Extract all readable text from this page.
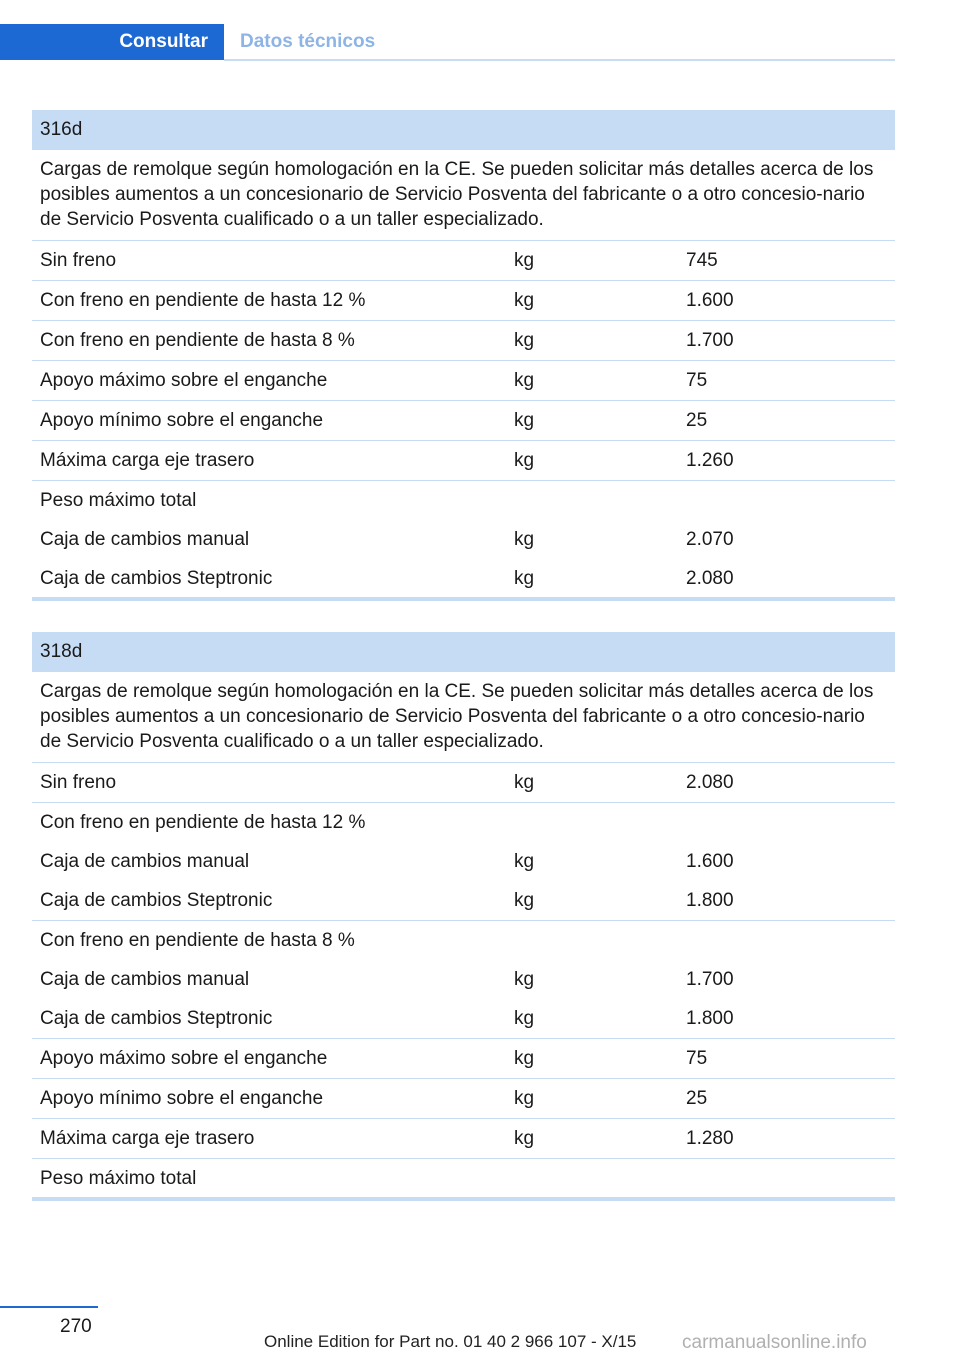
Consultar	Datos técnicos
316d
Cargas de remolque según homologación en la CE. Se pueden solicitar más detalles acerca de los posibles aumentos a un concesionario de Servicio Posventa del fabricante o a otro concesio-nario de Servicio Posventa cualificado o a un taller especializado.
Sin freno	kg	745
Con freno en pendiente de hasta 12 %	kg	1.600
Con freno en pendiente de hasta 8 %	kg	1.700
Apoyo máximo sobre el enganche	kg	75
Apoyo mínimo sobre el enganche	kg	25
Máxima carga eje trasero	kg	1.260
Peso máximo total
Caja de cambios manual	kg	2.070
Caja de cambios Steptronic	kg	2.080
318d
Cargas de remolque según homologación en la CE. Se pueden solicitar más detalles acerca de los posibles aumentos a un concesionario de Servicio Posventa del fabricante o a otro concesio-nario de Servicio Posventa cualificado o a un taller especializado.
Sin freno	kg	2.080
Con freno en pendiente de hasta 12 %
Caja de cambios manual	kg	1.600
Caja de cambios Steptronic	kg	1.800
Con freno en pendiente de hasta 8 %
Caja de cambios manual	kg	1.700
Caja de cambios Steptronic	kg	1.800
Apoyo máximo sobre el enganche	kg	75
Apoyo mínimo sobre el enganche	kg	25
Máxima carga eje trasero	kg	1.280
Peso máximo total
270
Online Edition for Part no. 01 40 2 966 107 - X/15 carmanualsonline.info
